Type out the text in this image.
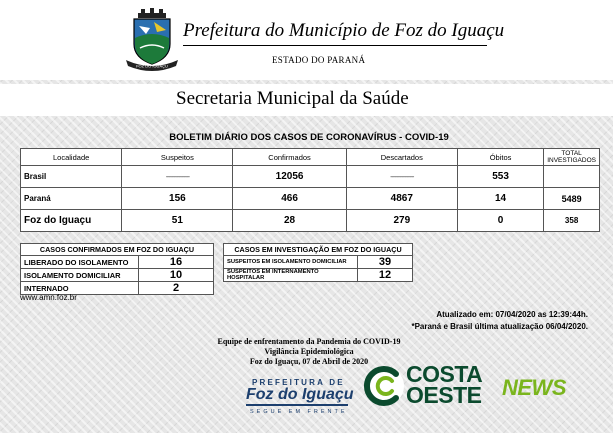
FOZ DO IGUAÇU
Prefeitura do Município de Foz do Iguaçu
ESTADO DO PARANÁ
Secretaria Municipal da Saúde
BOLETIM DIÁRIO DOS CASOS DE CORONAVÍRUS - COVID-19
Localidade	Suspeitos	Confirmados	Descartados	Óbitos	TOTAL INVESTIGADOS
Brasil	--------------	12056	--------------	553	
Paraná	156	466	4867	14	5489
Foz do Iguaçu	51	28	279	0	358
CASOS CONFIRMADOS EM FOZ DO IGUAÇU	
LIBERADO DO ISOLAMENTO	16
ISOLAMENTO DOMICILIAR	10
INTERNADO	2
CASOS EM INVESTIGAÇÃO EM FOZ DO IGUAÇU	
SUSPEITOS EM ISOLAMENTO DOMICILIAR	39
SUSPEITOS EM INTERNAMENTO HOSPITALAR	12
www.amn.foz.br
Atualizado em: 07/04/2020 as 12:39:44h.
*Paraná e Brasil última atualização 06/04/2020.
Equipe de enfrentamento da Pandemia do COVID-19
Vigilância Epidemiológica
Foz do Iguaçu, 07 de Abril de 2020
PREFEITURA DE
Foz do Iguaçu
SEGUE EM FRENTE
COSTA
OESTE NEWS
